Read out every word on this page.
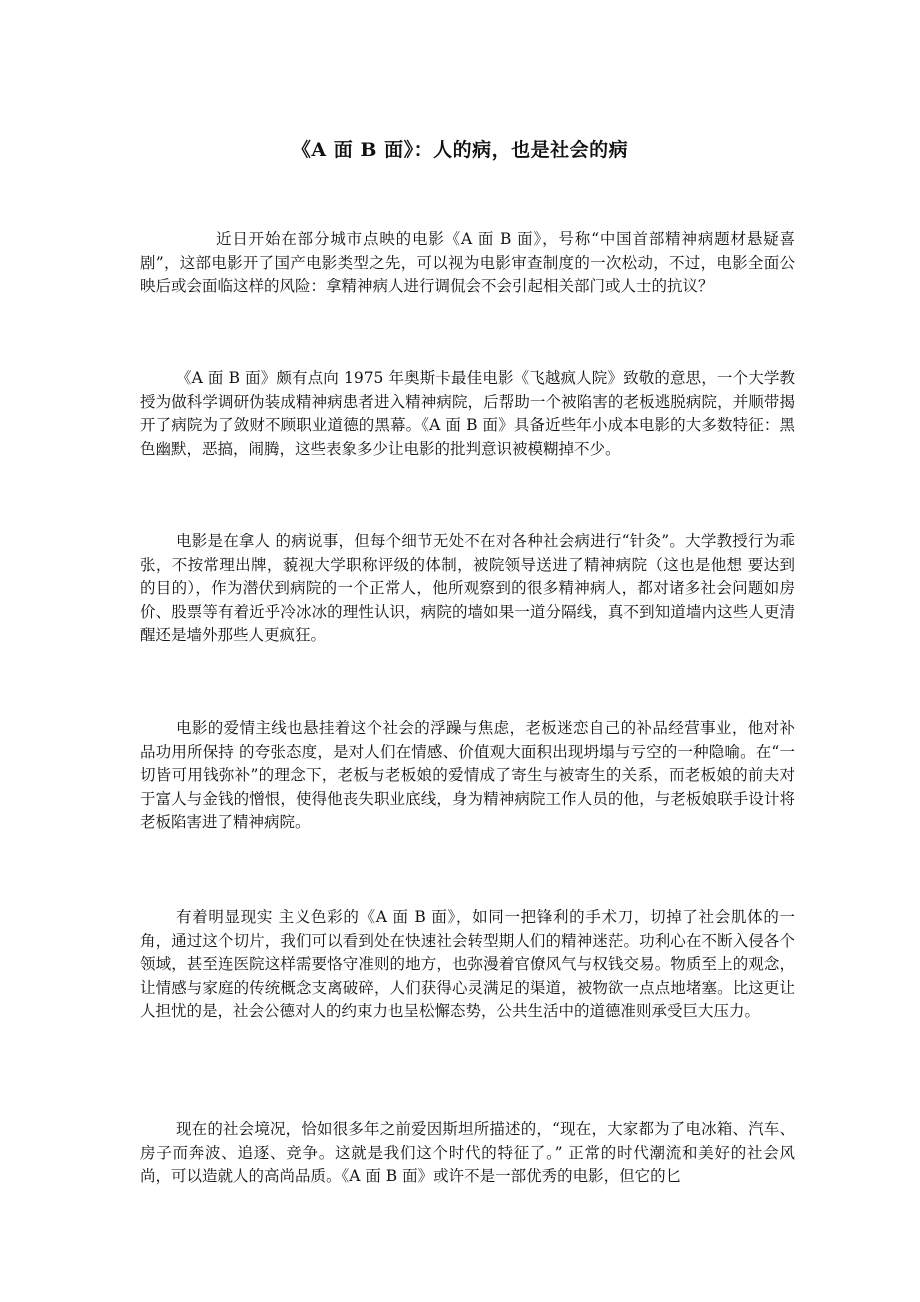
《A 面 B 面》：人的病，也是社会的病

近日开始在部分城市点映的电影《A 面 B 面》，号称“中国首部精神病题材悬疑喜剧”，这部电影开了国产电影类型之先，可以视为电影审查制度的一次松动，不过，电影全面公映后或会面临这样的风险：拿精神病人进行调侃会不会引起相关部门或人士的抗议？

《A 面 B 面》颇有点向 1975 年奥斯卡最佳电影《飞越疯人院》致敬的意思，一个大学教授为做科学调研伪装成精神病患者进入精神病院，后帮助一个被陷害的老板逃脱病院，并顺带揭开了病院为了敛财不顾职业道德的黑幕。《A 面 B 面》具备近些年小成本电影的大多数特征：黑色幽默，恶搞，闹腾，这些表象多少让电影的批判意识被模糊掉不少。

电影是在拿人 的病说事，但每个细节无处不在对各种社会病进行“针灸”。大学教授行为乖张，不按常理出牌，藐视大学职称评级的体制，被院领导送进了精神病院（这也是他想 要达到的目的），作为潜伏到病院的一个正常人，他所观察到的很多精神病人，都对诸多社会问题如房价、股票等有着近乎冷冰冰的理性认识，病院的墙如果一道分隔线，真不到知道墙内这些人更清醒还是墙外那些人更疯狂。

电影的爱情主线也悬挂着这个社会的浮躁与焦虑，老板迷恋自己的补品经营事业，他对补品功用所保持 的夸张态度，是对人们在情感、价值观大面积出现坍塌与亏空的一种隐喻。在“一切皆可用钱弥补”的理念下，老板与老板娘的爱情成了寄生与被寄生的关系，而老板娘的前夫对于富人与金钱的憎恨，使得他丧失职业底线，身为精神病院工作人员的他，与老板娘联手设计将老板陷害进了精神病院。

有着明显现实 主义色彩的《A 面 B 面》，如同一把锋利的手术刀，切掉了社会肌体的一角，通过这个切片，我们可以看到处在快速社会转型期人们的精神迷茫。功利心在不断入侵各个领域，甚至连医院这样需要恪守准则的地方，也弥漫着官僚风气与权钱交易。物质至上的观念，让情感与家庭的传统概念支离破碎，人们获得心灵满足的渠道，被物欲一点点地堵塞。比这更让人担忧的是，社会公德对人的约束力也呈松懈态势，公共生活中的道德准则承受巨大压力。

现在的社会境况，恰如很多年之前爱因斯坦所描述的，“现在，大家都为了电冰箱、汽车、房子而奔波、追逐、竞争。这就是我们这个时代的特征了。” 正常的时代潮流和美好的社会风尚，可以造就人的高尚品质。《A 面 B 面》或许不是一部优秀的电影，但它的匕
